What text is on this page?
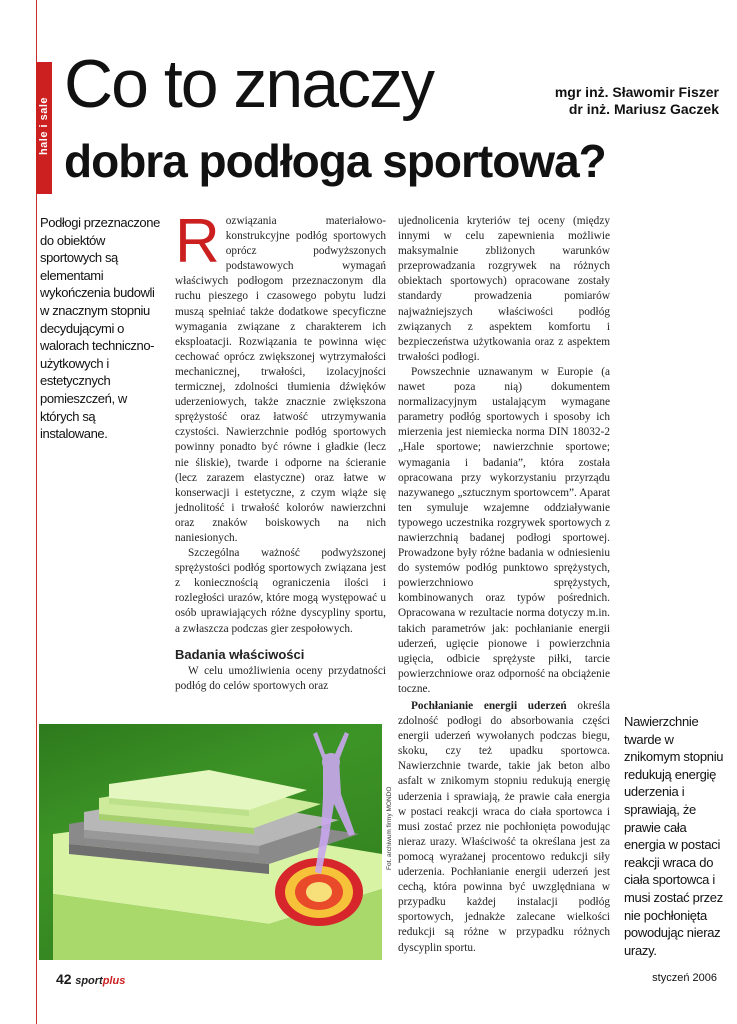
hale i sale
Co to znaczy
dobra podłoga sportowa?
mgr inż. Sławomir Fiszer
dr inż. Mariusz Gaczek
Podłogi przeznaczone do obiektów sportowych są elementami wykończenia budowli w znacznym stopniu decydującymi o walorach techniczno-użytkowych i estetycznych pomieszczeń, w których są instalowane.
R ozwiązania materiałowo-konstrukcyjne podłóg sportowych oprócz podwyższonych podstawowych wymagań właściwych podłogom przeznaczonym dla ruchu pieszego i czasowego pobytu ludzi muszą spełniać także dodatkowe specyficzne wymagania związane z charakterem ich eksploatacji. Rozwiązania te powinna więc cechować oprócz zwiększonej wytrzymałości mechanicznej, trwałości, izolacyjności termicznej, zdolności tłumienia dźwięków uderzeniowych, także znacznie zwiększona sprężystość oraz łatwość utrzymywania czystości. Nawierzchnie podłóg sportowych powinny ponadto być równe i gładkie (lecz nie śliskie), twarde i odporne na ścieranie (lecz zarazem elastyczne) oraz łatwe w konserwacji i estetyczne, z czym wiąże się jednolitość i trwałość kolorów nawierzchni oraz znaków boiskowych na nich naniesionych.

Szczególna ważność podwyższonej sprężystości podłóg sportowych związana jest z koniecznością ograniczenia ilości i rozległości urazów, które mogą występować u osób uprawiających różne dyscypliny sportu, a zwłaszcza podczas gier zespołowych.

Badania właściwości

W celu umożliwienia oceny przydatności podłóg do celów sportowych oraz

ujednolicenia kryteriów tej oceny (między innymi w celu zapewnienia możliwie maksymalnie zbliżonych warunków przeprowadzania rozgrywek na różnych obiektach sportowych) opracowane zostały standardy prowadzenia pomiarów najważniejszych właściwości podłóg związanych z aspektem komfortu i bezpieczeństwa użytkowania oraz z aspektem trwałości podłogi.

Powszechnie uznawanym w Europie (a nawet poza nią) dokumentem normalizacyjnym ustalającym wymagane parametry podłóg sportowych i sposoby ich mierzenia jest niemiecka norma DIN 18032-2 „Hale sportowe; nawierzchnie sportowe; wymagania i badania”, która została opracowana przy wykorzystaniu przyrządu nazywanego „sztucznym sportowcem”. Aparat ten symuluje wzajemne oddziaływanie typowego uczestnika rozgrywek sportowych z nawierzchnią badanej podłogi sportowej. Prowadzone były różne badania w odniesieniu do systemów podłóg punktowo sprężystych, powierzchniowo sprężystych, kombinowanych oraz typów pośrednich. Opracowana w rezultacie norma dotyczy m.in. takich parametrów jak: pochłanianie energii uderzeń, ugięcie pionowe i powierzchnia ugięcia, odbicie sprężyste piłki, tarcie powierzchniowe oraz odporność na obciążenie toczne.

Pochłanianie energii uderzeń określa zdolność podłogi do absorbowania części energii uderzeń wywołanych podczas biegu, skoku, czy też upadku sportowca. Nawierzchnie twarde, takie jak beton albo asfalt w znikomym stopniu redukują energię uderzenia i sprawiają, że prawie cała energia w postaci reakcji wraca do ciała sportowca i musi zostać przez nie pochłonięta powodując nieraz urazy. Właściwość ta określana jest za pomocą wyrażanej procentowo redukcji siły uderzenia. Pochłanianie energii uderzeń jest cechą, która powinna być uwzględniana w przypadku każdej instalacji podłóg sportowych, jednakże zalecane wielkości redukcji są różne w przypadku różnych dyscyplin sportu.

Nawierzchnie twarde w znikomym stopniu redukują energię uderzenia i sprawiają, że prawie cała energia w postaci reakcji wraca do ciała sportowca i musi zostać przez nie pochłonięta powodując nieraz urazy.
Fot. archiwum firmy MONDO
42 sportplus	styczeń 2006
